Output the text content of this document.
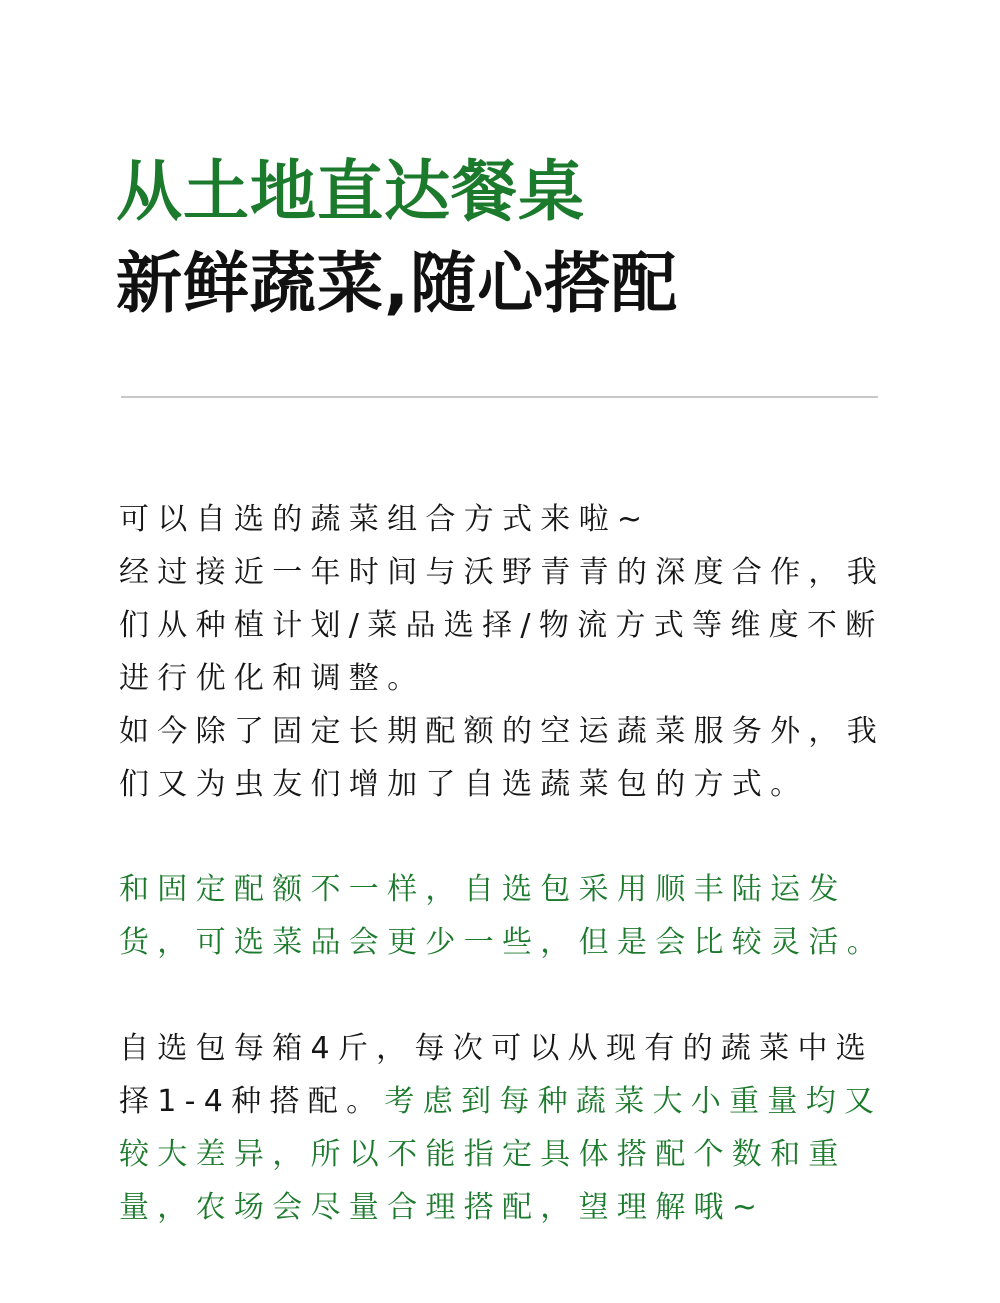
从土地直达餐桌
新鲜蔬菜,随心搭配
可以自选的蔬菜组合方式来啦~
经过接近一年时间与沃野青青的深度合作，我
们从种植计划/菜品选择/物流方式等维度不断
进行优化和调整。
如今除了固定长期配额的空运蔬菜服务外，我
们又为虫友们增加了自选蔬菜包的方式。
和固定配额不一样，自选包采用顺丰陆运发
货，可选菜品会更少一些，但是会比较灵活。
自选包每箱4斤，每次可以从现有的蔬菜中选
择1-4种搭配。考虑到每种蔬菜大小重量均又
较大差异，所以不能指定具体搭配个数和重
量，农场会尽量合理搭配，望理解哦~
